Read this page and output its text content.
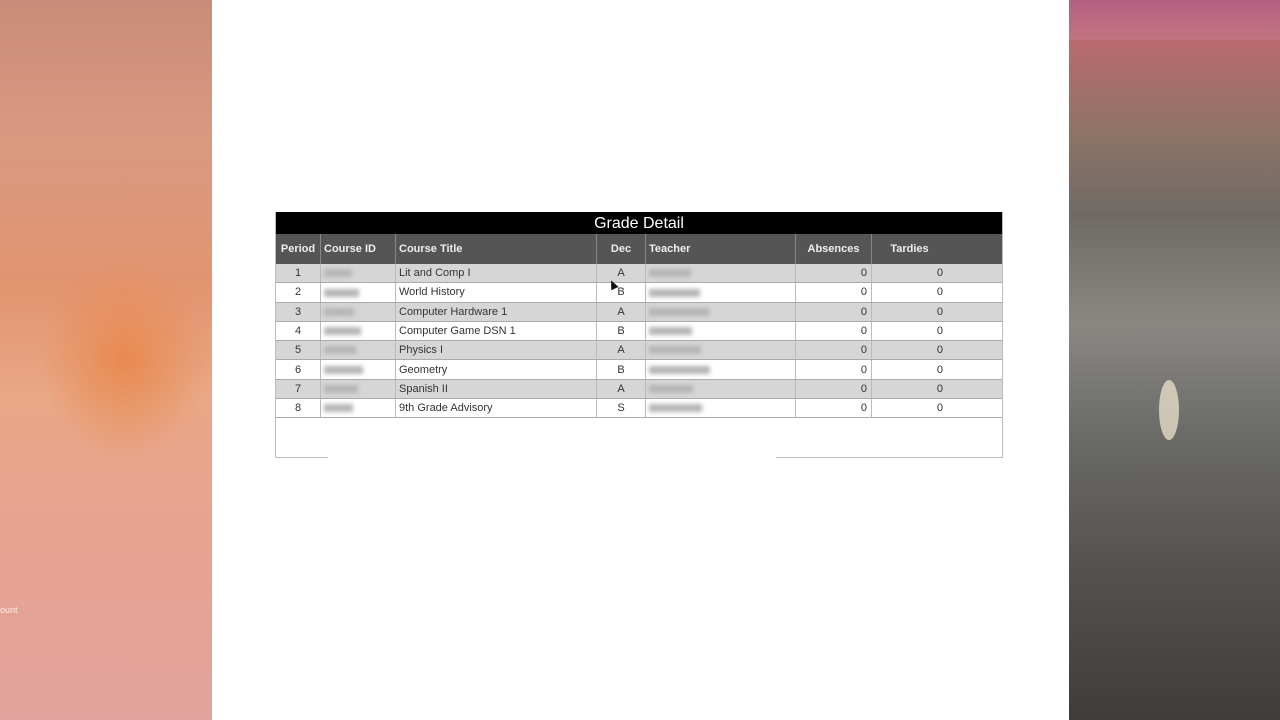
ount
Grade Detail
Period	Course ID	Course Title	Dec	Teacher	Absences	Tardies	
1		Lit and Comp I	A		0	0	
2		World History	B		0	0	
3		Computer Hardware 1	A		0	0	
4		Computer Game DSN 1	B		0	0	
5		Physics I	A		0	0	
6		Geometry	B		0	0	
7		Spanish II	A		0	0	
8		9th Grade Advisory	S		0	0	
